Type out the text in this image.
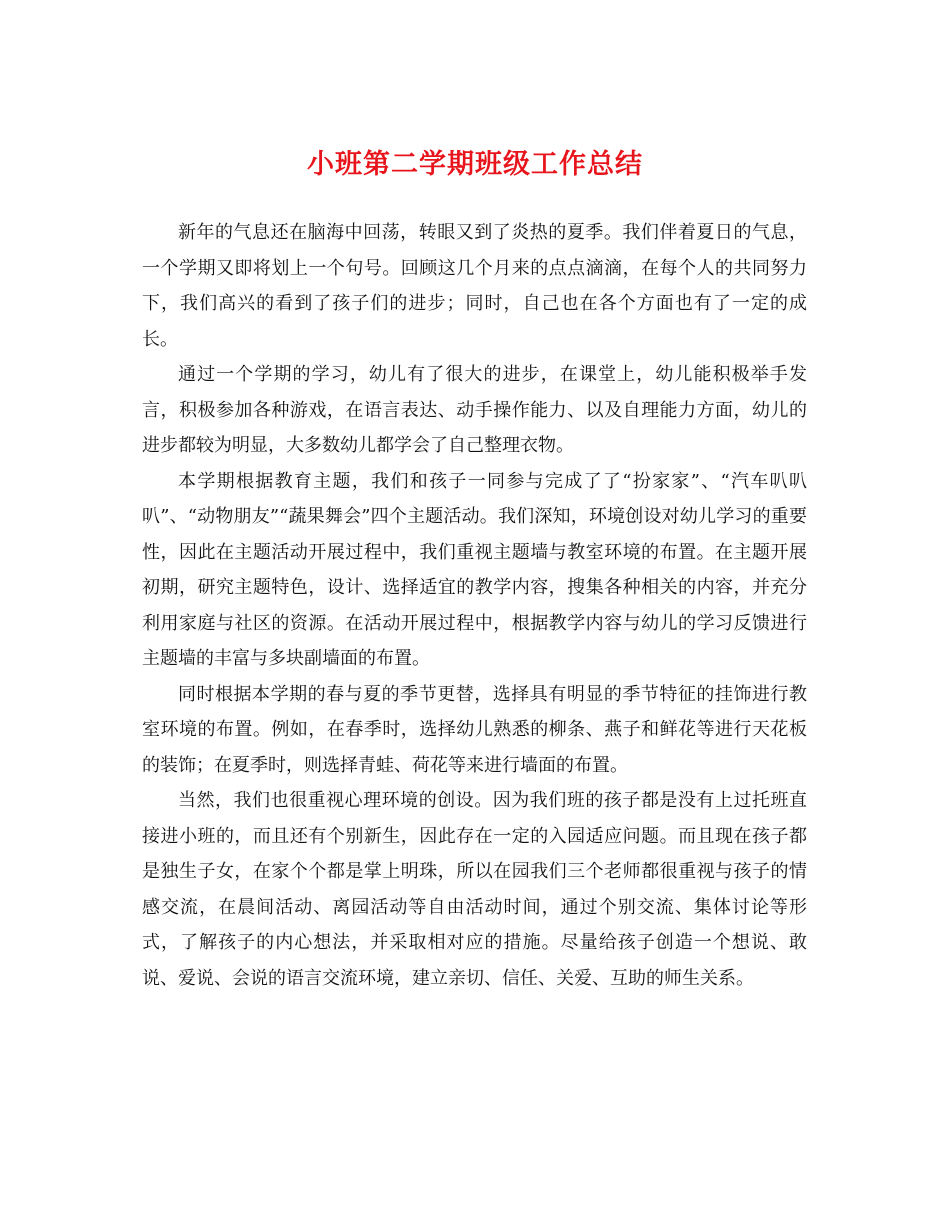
小班第二学期班级工作总结

新年的气息还在脑海中回荡，转眼又到了炎热的夏季。我们伴着夏日的气息，一个学期又即将划上一个句号。回顾这几个月来的点点滴滴，在每个人的共同努力下，我们高兴的看到了孩子们的进步；同时，自己也在各个方面也有了一定的成长。

通过一个学期的学习，幼儿有了很大的进步，在课堂上，幼儿能积极举手发言，积极参加各种游戏，在语言表达、动手操作能力、以及自理能力方面，幼儿的进步都较为明显，大多数幼儿都学会了自己整理衣物。

本学期根据教育主题，我们和孩子一同参与完成了了“扮家家”、“汽车叭叭叭”、“动物朋友”“蔬果舞会”四个主题活动。我们深知，环境创设对幼儿学习的重要性，因此在主题活动开展过程中，我们重视主题墙与教室环境的布置。在主题开展初期，研究主题特色，设计、选择适宜的教学内容，搜集各种相关的内容，并充分利用家庭与社区的资源。在活动开展过程中，根据教学内容与幼儿的学习反馈进行主题墙的丰富与多块副墙面的布置。

同时根据本学期的春与夏的季节更替，选择具有明显的季节特征的挂饰进行教室环境的布置。例如，在春季时，选择幼儿熟悉的柳条、燕子和鲜花等进行天花板的装饰；在夏季时，则选择青蛙、荷花等来进行墙面的布置。

当然，我们也很重视心理环境的创设。因为我们班的孩子都是没有上过托班直接进小班的，而且还有个别新生，因此存在一定的入园适应问题。而且现在孩子都是独生子女，在家个个都是掌上明珠，所以在园我们三个老师都很重视与孩子的情感交流，在晨间活动、离园活动等自由活动时间，通过个别交流、集体讨论等形式，了解孩子的内心想法，并采取相对应的措施。尽量给孩子创造一个想说、敢说、爱说、会说的语言交流环境，建立亲切、信任、关爱、互助的师生关系。
